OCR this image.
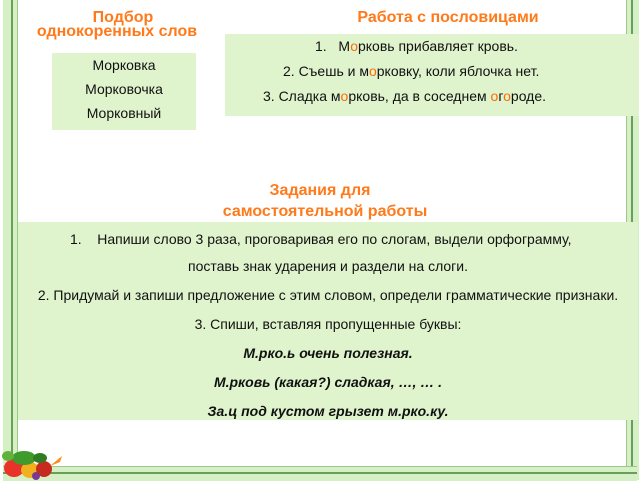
Подбор
однокоренных слов
Работа с пословицами
Задания для
самостоятельной работы
Морковка
Морковочка
Морковный
1. Морковь прибавляет кровь.
2. Съешь и морковку, коли яблочка нет.
3. Сладка морковь, да в соседнем огороде.
1. Напиши слово 3 раза, проговаривая его по слогам, выдели орфограмму,
поставь знак ударения и раздели на слоги.
2. Придумай и запиши предложение с этим словом, определи грамматические признаки.
3. Спиши, вставляя пропущенные буквы:
М.рко.ь очень полезная.
М.рковь (какая?) сладкая, …, … .
За.ц под кустом грызет м.рко.ку.
